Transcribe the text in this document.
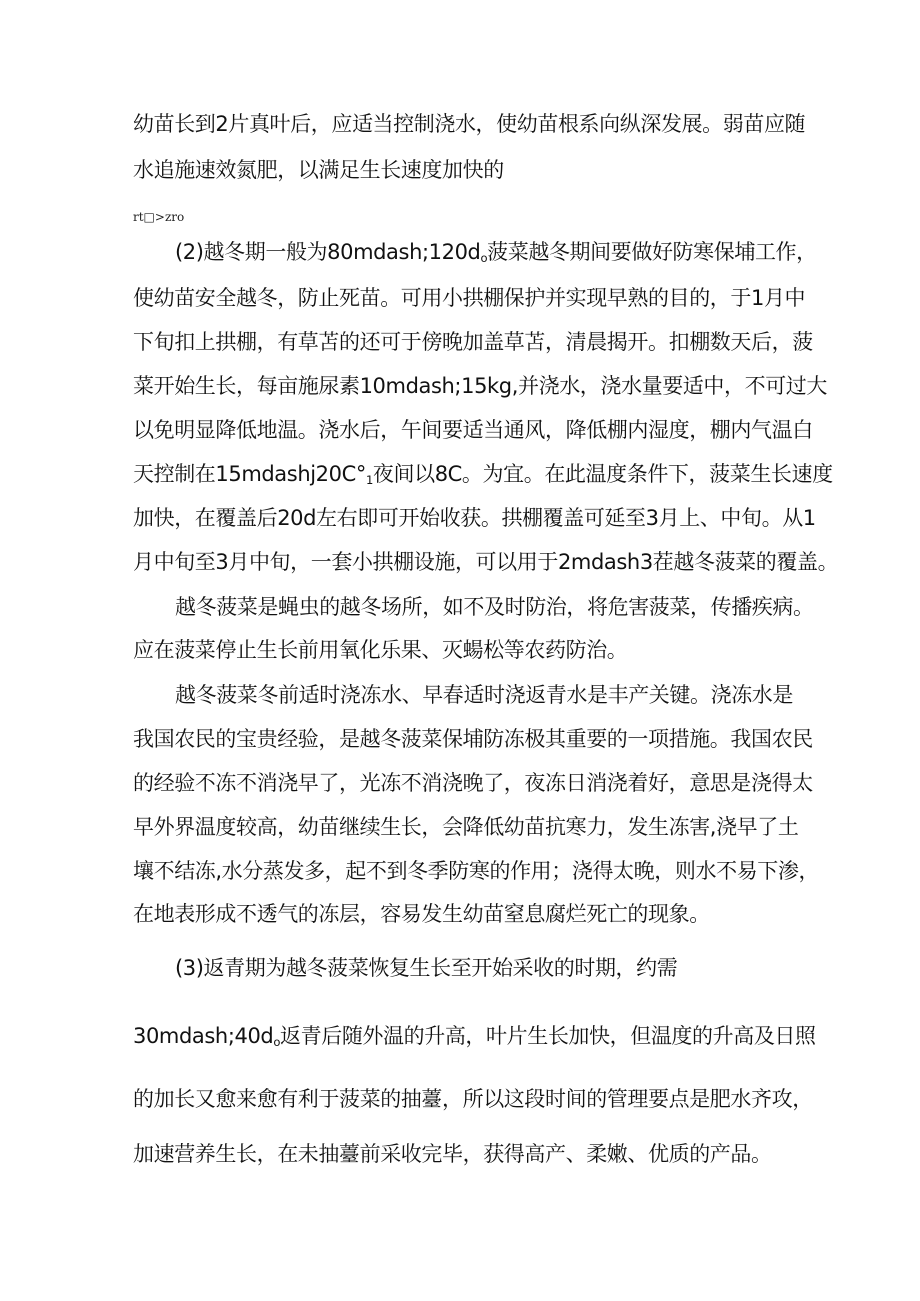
幼苗长到2片真叶后，应适当控制浇水，使幼苗根系向纵深发展。弱苗应随
水追施速效氮肥，以满足生长速度加快的
rt□>zro
(2)越冬期一般为$80mdash;120d_o$菠菜越冬期间要做好防寒保埔工作，
使幼苗安全越冬，防止死苗。可用小拱棚保护并实现早熟的目的，于1月中
下旬扣上拱棚，有草苫的还可于傍晚加盖草苫，清晨揭开。扣棚数天后，菠
菜开始生长，每亩施尿素10mdash;15kg,并浇水，浇水量要适中，不可过大
以免明显降低地温。浇水后，午间要适当通风，降低棚内湿度，棚内气温白
天控制在$15mdashj20C^\circ_1$夜间以8C。为宜。在此温度条件下，菠菜生长速度
加快，在覆盖后20d左右即可开始收获。拱棚覆盖可延至3月上、中旬。从1
月中旬至3月中旬，一套小拱棚设施，可以用于2mdash3茬越冬菠菜的覆盖。
越冬菠菜是蝇虫的越冬场所，如不及时防治，将危害菠菜，传播疾病。
应在菠菜停止生长前用氧化乐果、灭蝪松等农药防治。
越冬菠菜冬前适时浇冻水、早春适时浇返青水是丰产关键。浇冻水是
我国农民的宝贵经验，是越冬菠菜保埔防冻极其重要的一项措施。我国农民
的经验不冻不消浇早了，光冻不消浇晚了，夜冻日消浇着好，意思是浇得太
早外界温度较高，幼苗继续生长，会降低幼苗抗寒力，发生冻害,浇早了土
壤不结冻,水分蒸发多，起不到冬季防寒的作用；浇得太晚，则水不易下渗，
在地表形成不透气的冻层，容易发生幼苗窒息腐烂死亡的现象。
(3)返青期为越冬菠菜恢复生长至开始采收的时期，约需
$30mdash;40d_o$返青后随外温的升高，叶片生长加快，但温度的升高及日照
的加长又愈来愈有利于菠菜的抽薹，所以这段时间的管理要点是肥水齐攻，
加速营养生长，在未抽薹前采收完毕，获得高产、柔嫩、优质的产品。
